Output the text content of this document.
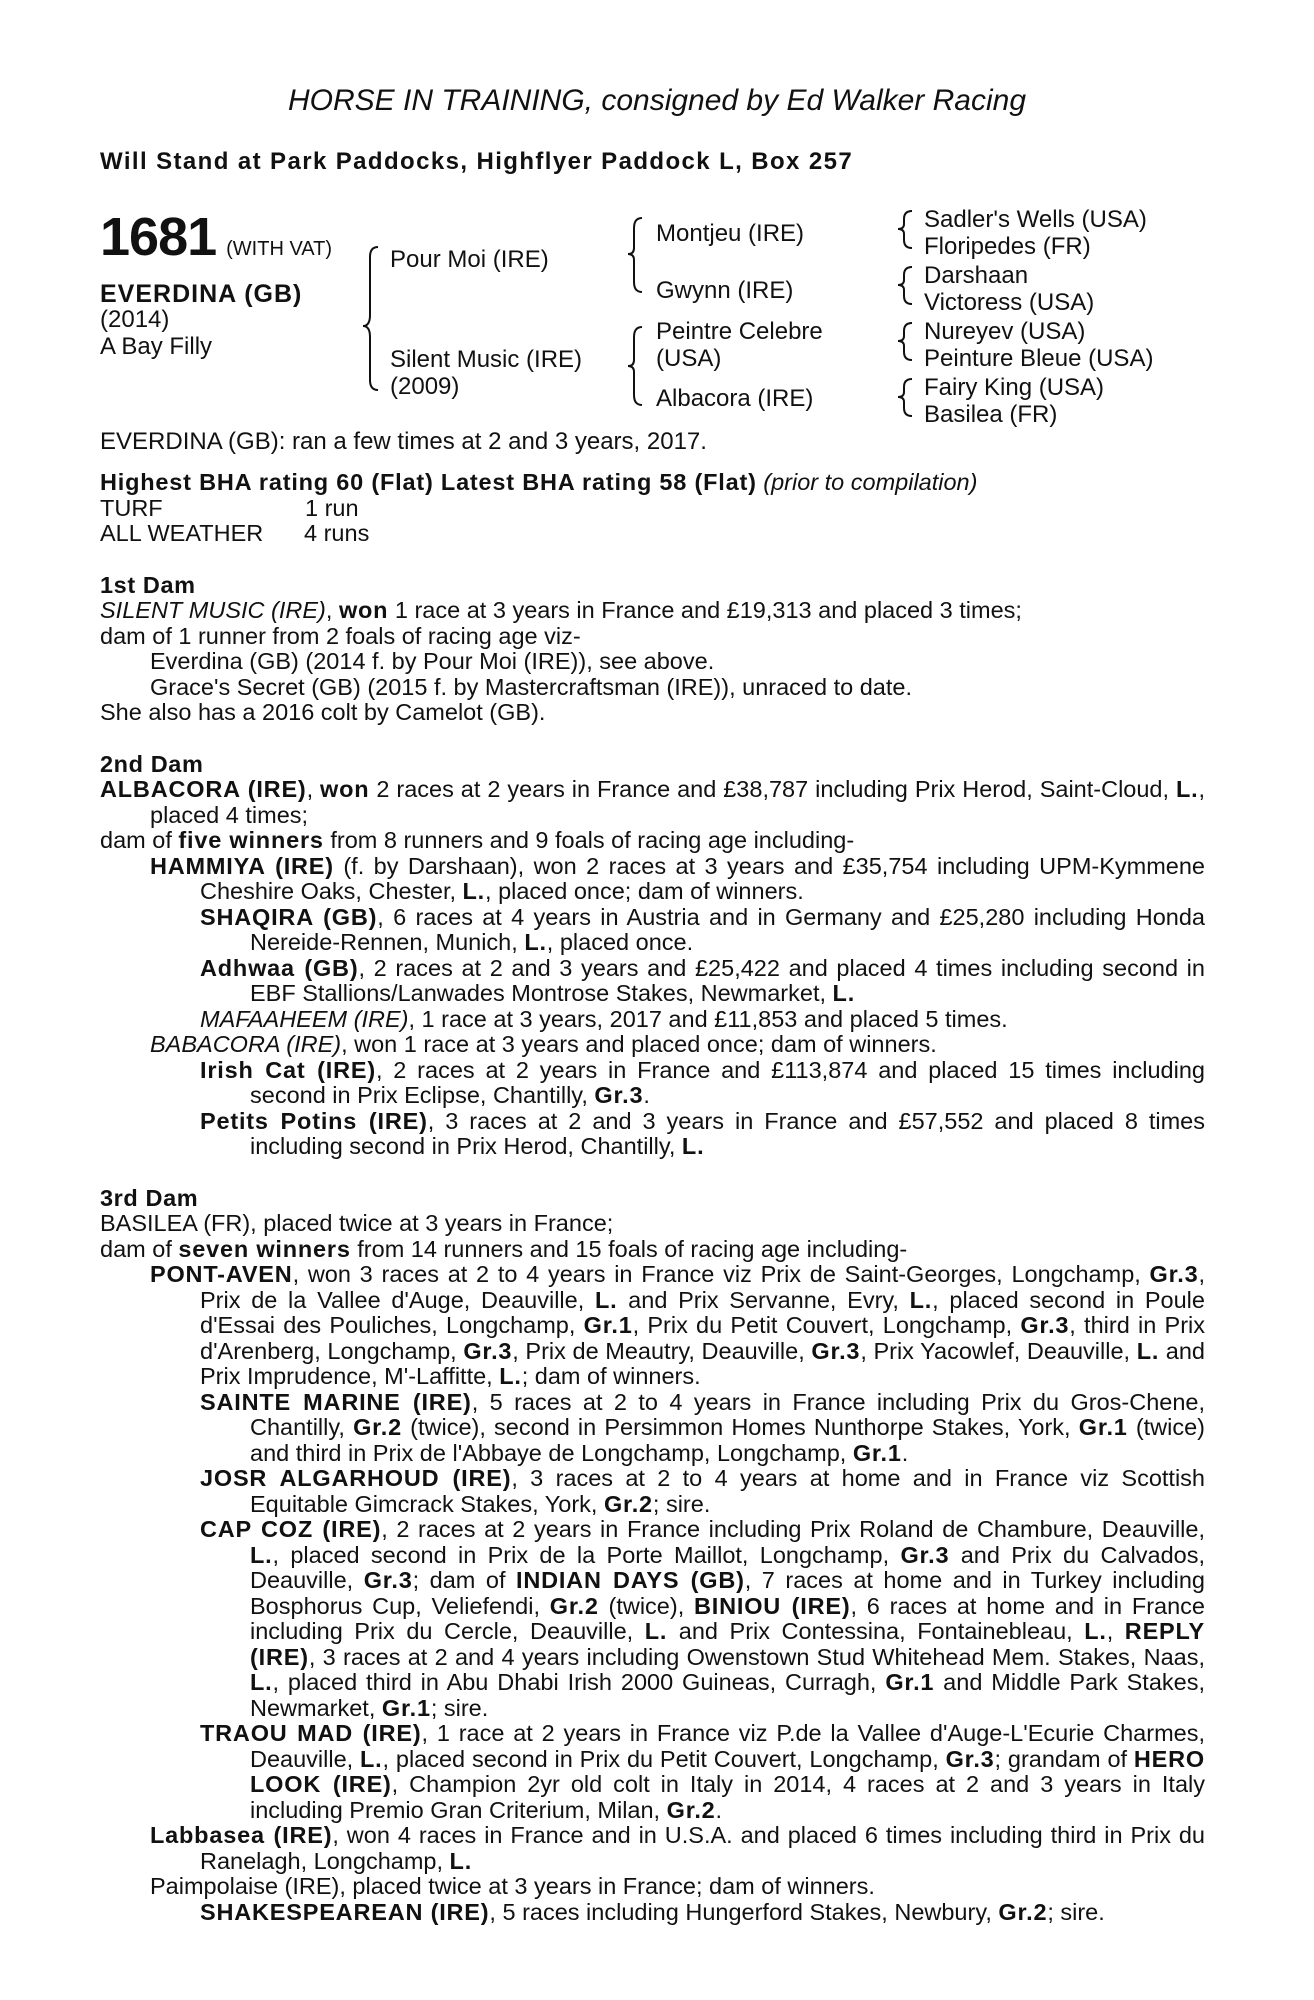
HORSE IN TRAINING, consigned by Ed Walker Racing
Will Stand at Park Paddocks, Highflyer Paddock L, Box 257
1681 (WITH VAT)
EVERDINA (GB)
(2014)
A Bay Filly
Pour Moi (IRE)
Silent Music (IRE)
(2009)
Montjeu (IRE)
Gwynn (IRE)
Peintre Celebre
(USA)
Albacora (IRE)
Sadler's Wells (USA)
Floripedes (FR)
Darshaan
Victoress (USA)
Nureyev (USA)
Peinture Bleue (USA)
Fairy King (USA)
Basilea (FR)
EVERDINA (GB): ran a few times at 2 and 3 years, 2017.

Highest BHA rating 60 (Flat) Latest BHA rating 58 (Flat) (prior to compilation)

TURF	1 run

ALL WEATHER 4 runs

1st Dam

SILENT MUSIC (IRE), won 1 race at 3 years in France and £19,313 and placed 3 times;

dam of 1 runner from 2 foals of racing age viz-

Everdina (GB) (2014 f. by Pour Moi (IRE)), see above.

Grace's Secret (GB) (2015 f. by Mastercraftsman (IRE)), unraced to date.

She also has a 2016 colt by Camelot (GB).

2nd Dam

ALBACORA (IRE), won 2 races at 2 years in France and £38,787 including Prix Herod, Saint-Cloud, L., placed 4 times;

dam of five winners from 8 runners and 9 foals of racing age including-

HAMMIYA (IRE) (f. by Darshaan), won 2 races at 3 years and £35,754 including UPM-Kymmene Cheshire Oaks, Chester, L., placed once; dam of winners.

SHAQIRA (GB), 6 races at 4 years in Austria and in Germany and £25,280 including Honda Nereide-Rennen, Munich, L., placed once.

Adhwaa (GB), 2 races at 2 and 3 years and £25,422 and placed 4 times including second in EBF Stallions/Lanwades Montrose Stakes, Newmarket, L.

MAFAAHEEM (IRE), 1 race at 3 years, 2017 and £11,853 and placed 5 times.

BABACORA (IRE), won 1 race at 3 years and placed once; dam of winners.

Irish Cat (IRE), 2 races at 2 years in France and £113,874 and placed 15 times including second in Prix Eclipse, Chantilly, Gr.3.

Petits Potins (IRE), 3 races at 2 and 3 years in France and £57,552 and placed 8 times including second in Prix Herod, Chantilly, L.

3rd Dam

BASILEA (FR), placed twice at 3 years in France;

dam of seven winners from 14 runners and 15 foals of racing age including-

PONT-AVEN, won 3 races at 2 to 4 years in France viz Prix de Saint-Georges, Longchamp, Gr.3, Prix de la Vallee d'Auge, Deauville, L. and Prix Servanne, Evry, L., placed second in Poule d'Essai des Pouliches, Longchamp, Gr.1, Prix du Petit Couvert, Longchamp, Gr.3, third in Prix d'Arenberg, Longchamp, Gr.3, Prix de Meautry, Deauville, Gr.3, Prix Yacowlef, Deauville, L. and Prix Imprudence, M'-Laffitte, L.; dam of winners.

SAINTE MARINE (IRE), 5 races at 2 to 4 years in France including Prix du Gros-Chene, Chantilly, Gr.2 (twice), second in Persimmon Homes Nunthorpe Stakes, York, Gr.1 (twice) and third in Prix de l'Abbaye de Longchamp, Longchamp, Gr.1.

JOSR ALGARHOUD (IRE), 3 races at 2 to 4 years at home and in France viz Scottish Equitable Gimcrack Stakes, York, Gr.2; sire.

CAP COZ (IRE), 2 races at 2 years in France including Prix Roland de Chambure, Deauville, L., placed second in Prix de la Porte Maillot, Longchamp, Gr.3 and Prix du Calvados, Deauville, Gr.3; dam of INDIAN DAYS (GB), 7 races at home and in Turkey including Bosphorus Cup, Veliefendi, Gr.2 (twice), BINIOU (IRE), 6 races at home and in France including Prix du Cercle, Deauville, L. and Prix Contessina, Fontainebleau, L., REPLY (IRE), 3 races at 2 and 4 years including Owenstown Stud Whitehead Mem. Stakes, Naas, L., placed third in Abu Dhabi Irish 2000 Guineas, Curragh, Gr.1 and Middle Park Stakes, Newmarket, Gr.1; sire.

TRAOU MAD (IRE), 1 race at 2 years in France viz P.de la Vallee d'Auge-L'Ecurie Charmes, Deauville, L., placed second in Prix du Petit Couvert, Longchamp, Gr.3; grandam of HERO LOOK (IRE), Champion 2yr old colt in Italy in 2014, 4 races at 2 and 3 years in Italy including Premio Gran Criterium, Milan, Gr.2.

Labbasea (IRE), won 4 races in France and in U.S.A. and placed 6 times including third in Prix du Ranelagh, Longchamp, L.

Paimpolaise (IRE), placed twice at 3 years in France; dam of winners.

SHAKESPEAREAN (IRE), 5 races including Hungerford Stakes, Newbury, Gr.2; sire.
